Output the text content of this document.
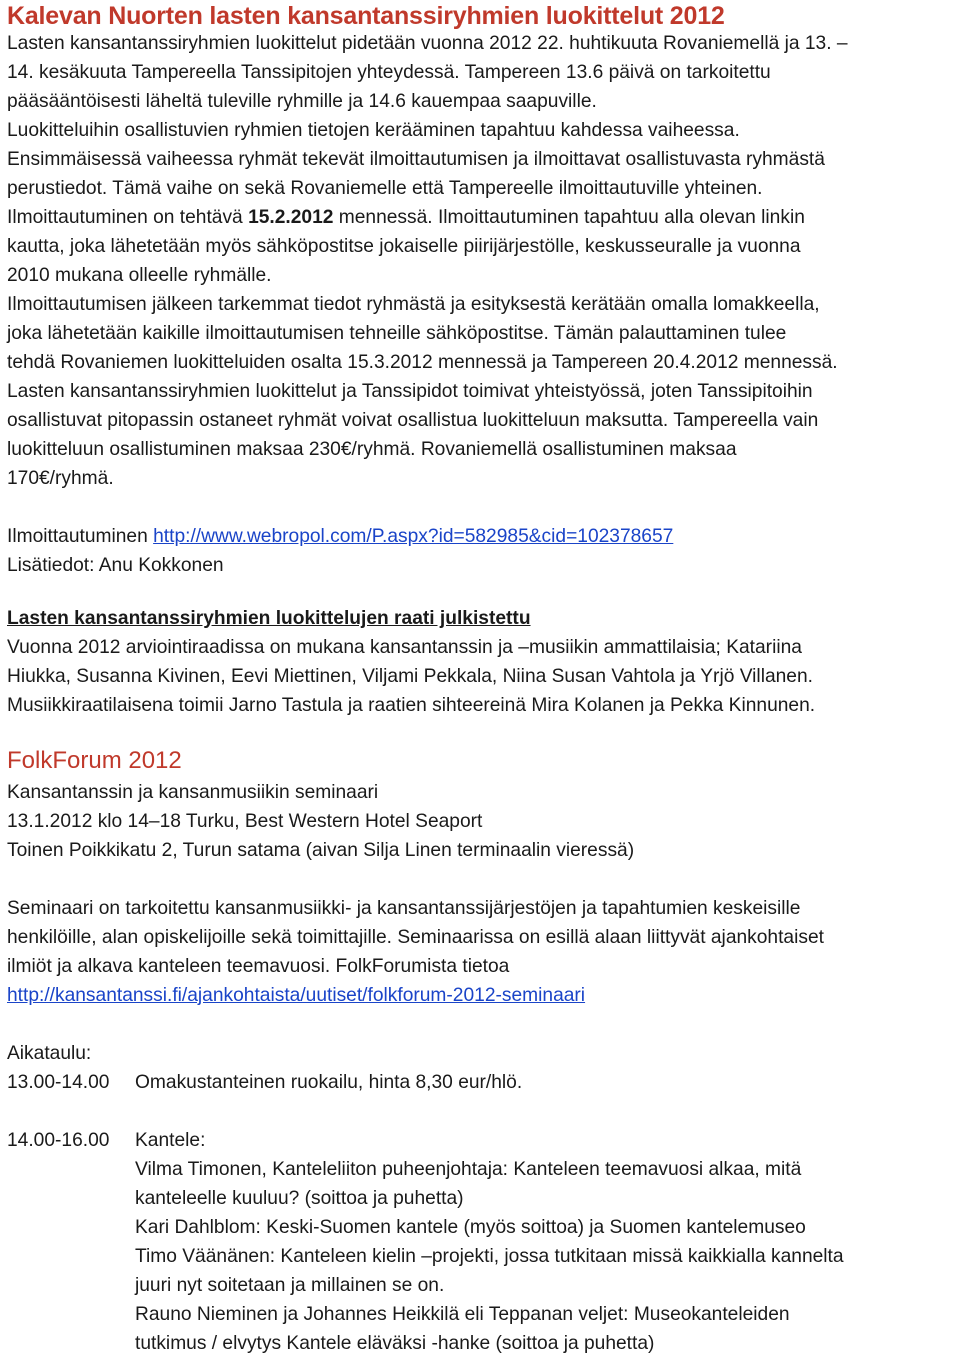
Kalevan Nuorten lasten kansantanssiryhmien luokittelut 2012
Lasten kansantanssiryhmien luokittelut pidetään vuonna 2012 22. huhtikuuta Rovaniemellä ja 13. –
14. kesäkuuta Tampereella Tanssipitojen yhteydessä. Tampereen 13.6 päivä on tarkoitettu
pääsääntöisesti läheltä tuleville ryhmille ja 14.6 kauempaa saapuville.
Luokitteluihin osallistuvien ryhmien tietojen kerääminen tapahtuu kahdessa vaiheessa.
Ensimmäisessä vaiheessa ryhmät tekevät ilmoittautumisen ja ilmoittavat osallistuvasta ryhmästä
perustiedot. Tämä vaihe on sekä Rovaniemelle että Tampereelle ilmoittautuville yhteinen.
Ilmoittautuminen on tehtävä 15.2.2012 mennessä. Ilmoittautuminen tapahtuu alla olevan linkin
kautta, joka lähetetään myös sähköpostitse jokaiselle piirijärjestölle, keskusseuralle ja vuonna
2010 mukana olleelle ryhmälle.
Ilmoittautumisen jälkeen tarkemmat tiedot ryhmästä ja esityksestä kerätään omalla lomakkeella,
joka lähetetään kaikille ilmoittautumisen tehneille sähköpostitse. Tämän palauttaminen tulee
tehdä Rovaniemen luokitteluiden osalta 15.3.2012 mennessä ja Tampereen 20.4.2012 mennessä.
Lasten kansantanssiryhmien luokittelut ja Tanssipidot toimivat yhteistyössä, joten Tanssipitoihin
osallistuvat pitopassin ostaneet ryhmät voivat osallistua luokitteluun maksutta. Tampereella vain
luokitteluun osallistuminen maksaa 230€/ryhmä. Rovaniemellä osallistuminen maksaa
170€/ryhmä.
Ilmoittautuminen http://www.webropol.com/P.aspx?id=582985&cid=102378657
Lisätiedot: Anu Kokkonen
Lasten kansantanssiryhmien luokittelujen raati julkistettu
Vuonna 2012 arviointiraadissa on mukana kansantanssin ja –musiikin ammattilaisia; Katariina
Hiukka, Susanna Kivinen, Eevi Miettinen, Viljami Pekkala, Niina Susan Vahtola ja Yrjö Villanen.
Musiikkiraatilaisena toimii Jarno Tastula ja raatien sihteereinä Mira Kolanen ja Pekka Kinnunen.
FolkForum 2012
Kansantanssin ja kansanmusiikin seminaari
13.1.2012 klo 14–18 Turku, Best Western Hotel Seaport
Toinen Poikkikatu 2, Turun satama (aivan Silja Linen terminaalin vieressä)
Seminaari on tarkoitettu kansanmusiikki- ja kansantanssijärjestöjen ja tapahtumien keskeisille
henkilöille, alan opiskelijoille sekä toimittajille. Seminaarissa on esillä alaan liittyvät ajankohtaiset
ilmiöt ja alkava kanteleen teemavuosi. FolkForumista tietoa
http://kansantanssi.fi/ajankohtaista/uutiset/folkforum-2012-seminaari
Aikataulu:
13.00-14.00	Omakustanteinen ruokailu, hinta 8,30 eur/hlö.
14.00-16.00	Kantele:
Vilma Timonen, Kanteleliiton puheenjohtaja: Kanteleen teemavuosi alkaa, mitä
kanteleelle kuuluu? (soittoa ja puhetta)
Kari Dahlblom: Keski-Suomen kantele (myös soittoa) ja Suomen kantelemuseo
Timo Väänänen: Kanteleen kielin –projekti, jossa tutkitaan missä kaikkialla kannelta
juuri nyt soitetaan ja millainen se on.
Rauno Nieminen ja Johannes Heikkilä eli Teppanan veljet: Museokanteleiden
tutkimus / elvytys Kantele eläväksi -hanke (soittoa ja puhetta)
